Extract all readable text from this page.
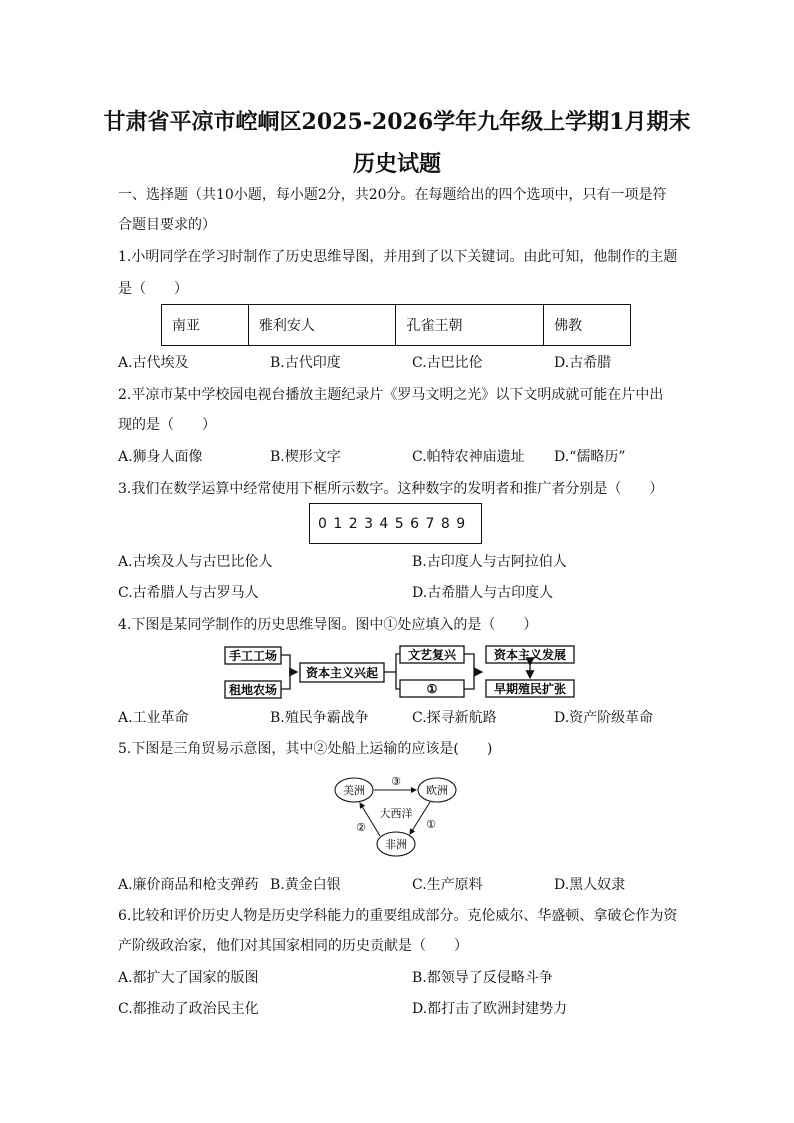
甘肃省平凉市崆峒区2025-2026学年九年级上学期1月期末
历史试题
一、选择题（共10小题，每小题2分，共20分。在每题给出的四个选项中，只有一项是符
合题目要求的）
1.小明同学在学习时制作了历史思维导图，并用到了以下关键词。由此可知，他制作的主题
是（　　）
南亚	雅利安人	孔雀王朝	佛教
A.古代埃及	B.古代印度	C.古巴比伦	D.古希腊
2.平凉市某中学校园电视台播放主题纪录片《罗马文明之光》以下文明成就可能在片中出
现的是（　　）
A.狮身人面像	B.楔形文字	C.帕特农神庙遗址 D.“儒略历”
3.我们在数学运算中经常使用下框所示数字。这种数字的发明者和推广者分别是（　　）
0 1 2 3 4 5 6 7 8 9
A.古埃及人与古巴比伦人	B.古印度人与古阿拉伯人
C.古希腊人与古罗马人	D.古希腊人与古印度人
4.下图是某同学制作的历史思维导图。图中①处应填入的是（　　）
手工工场
租地农场
资本主义兴起
文艺复兴
①
资本主义发展
早期殖民扩张
A.工业革命	B.殖民争霸战争	C.探寻新航路	D.资产阶级革命
5.下图是三角贸易示意图，其中②处船上运输的应该是(　　)
美洲	欧洲
非洲
大西洋
③
①
②
A.廉价商品和枪支弹药 B.黄金白银	C.生产原料	D.黑人奴隶
6.比较和评价历史人物是历史学科能力的重要组成部分。克伦威尔、华盛顿、拿破仑作为资
产阶级政治家，他们对其国家相同的历史贡献是（　　）
A.都扩大了国家的版图	B.都领导了反侵略斗争
C.都推动了政治民主化	D.都打击了欧洲封建势力
